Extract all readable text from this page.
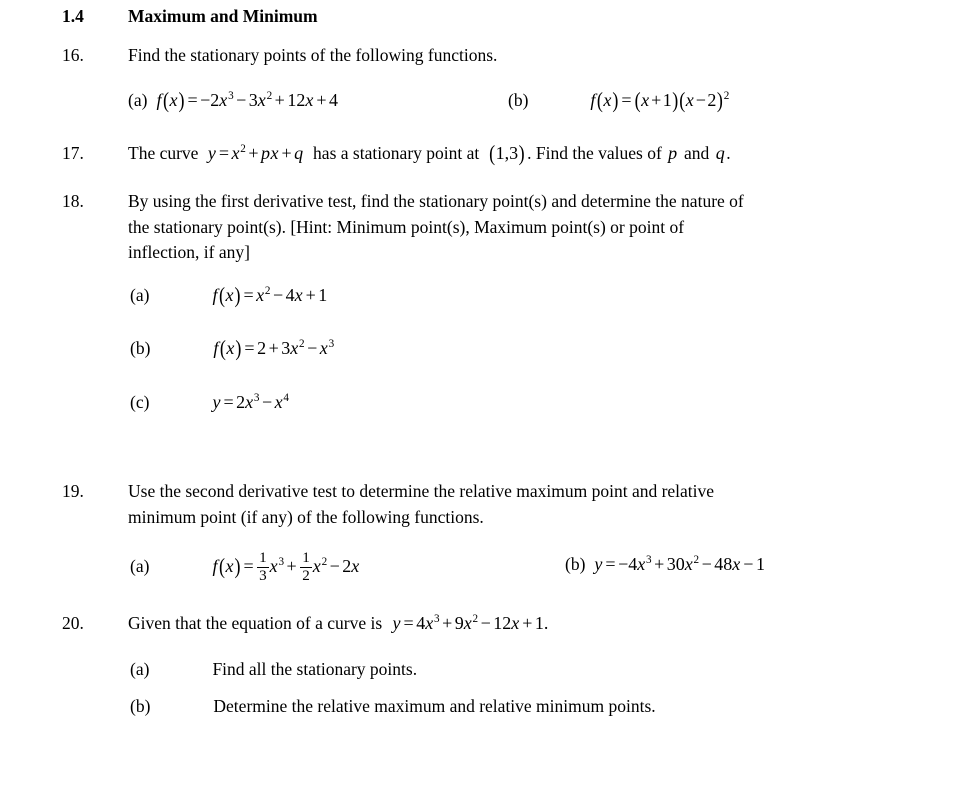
1.4	Maximum and Minimum
16.	Find the stationary points of the following functions.
(a) $f(x) = -2x^3 - 3x^2 + 12x + 4$	(b)	$f(x) = (x +1)(x -2)^2$
17.	The curve $y = x^2$ + px + q has a stationary point at (1,3) . Find the values of p and q.
18.	By using the first derivative test, find the stationary point(s) and determine the nature of
the stationary point(s). [Hint: Minimum point(s), Maximum point(s) or point of
inflection, if any]
(a)	$f(x) = x^2 - 4x + 1$
(b)	$f(x) = 2 + 3x^2 - x^3$
(c)	$y = 2x^3 - x^4$
19.	Use the second derivative test to determine the relative maximum point and relative
minimum point (if any) of the following functions.
(a)	$f(x) = \frac{1}{3} x^3 + \frac{1}{2} x^2 - 2x$	(b) $y = -4x^3 + 30x^2 - 48x - 1$
20.	Given that the equation of a curve is $y = 4x^3 + 9x^2 - 12x + 1$.
(a)	Find all the stationary points.
(b)	Determine the relative maximum and relative minimum points.
